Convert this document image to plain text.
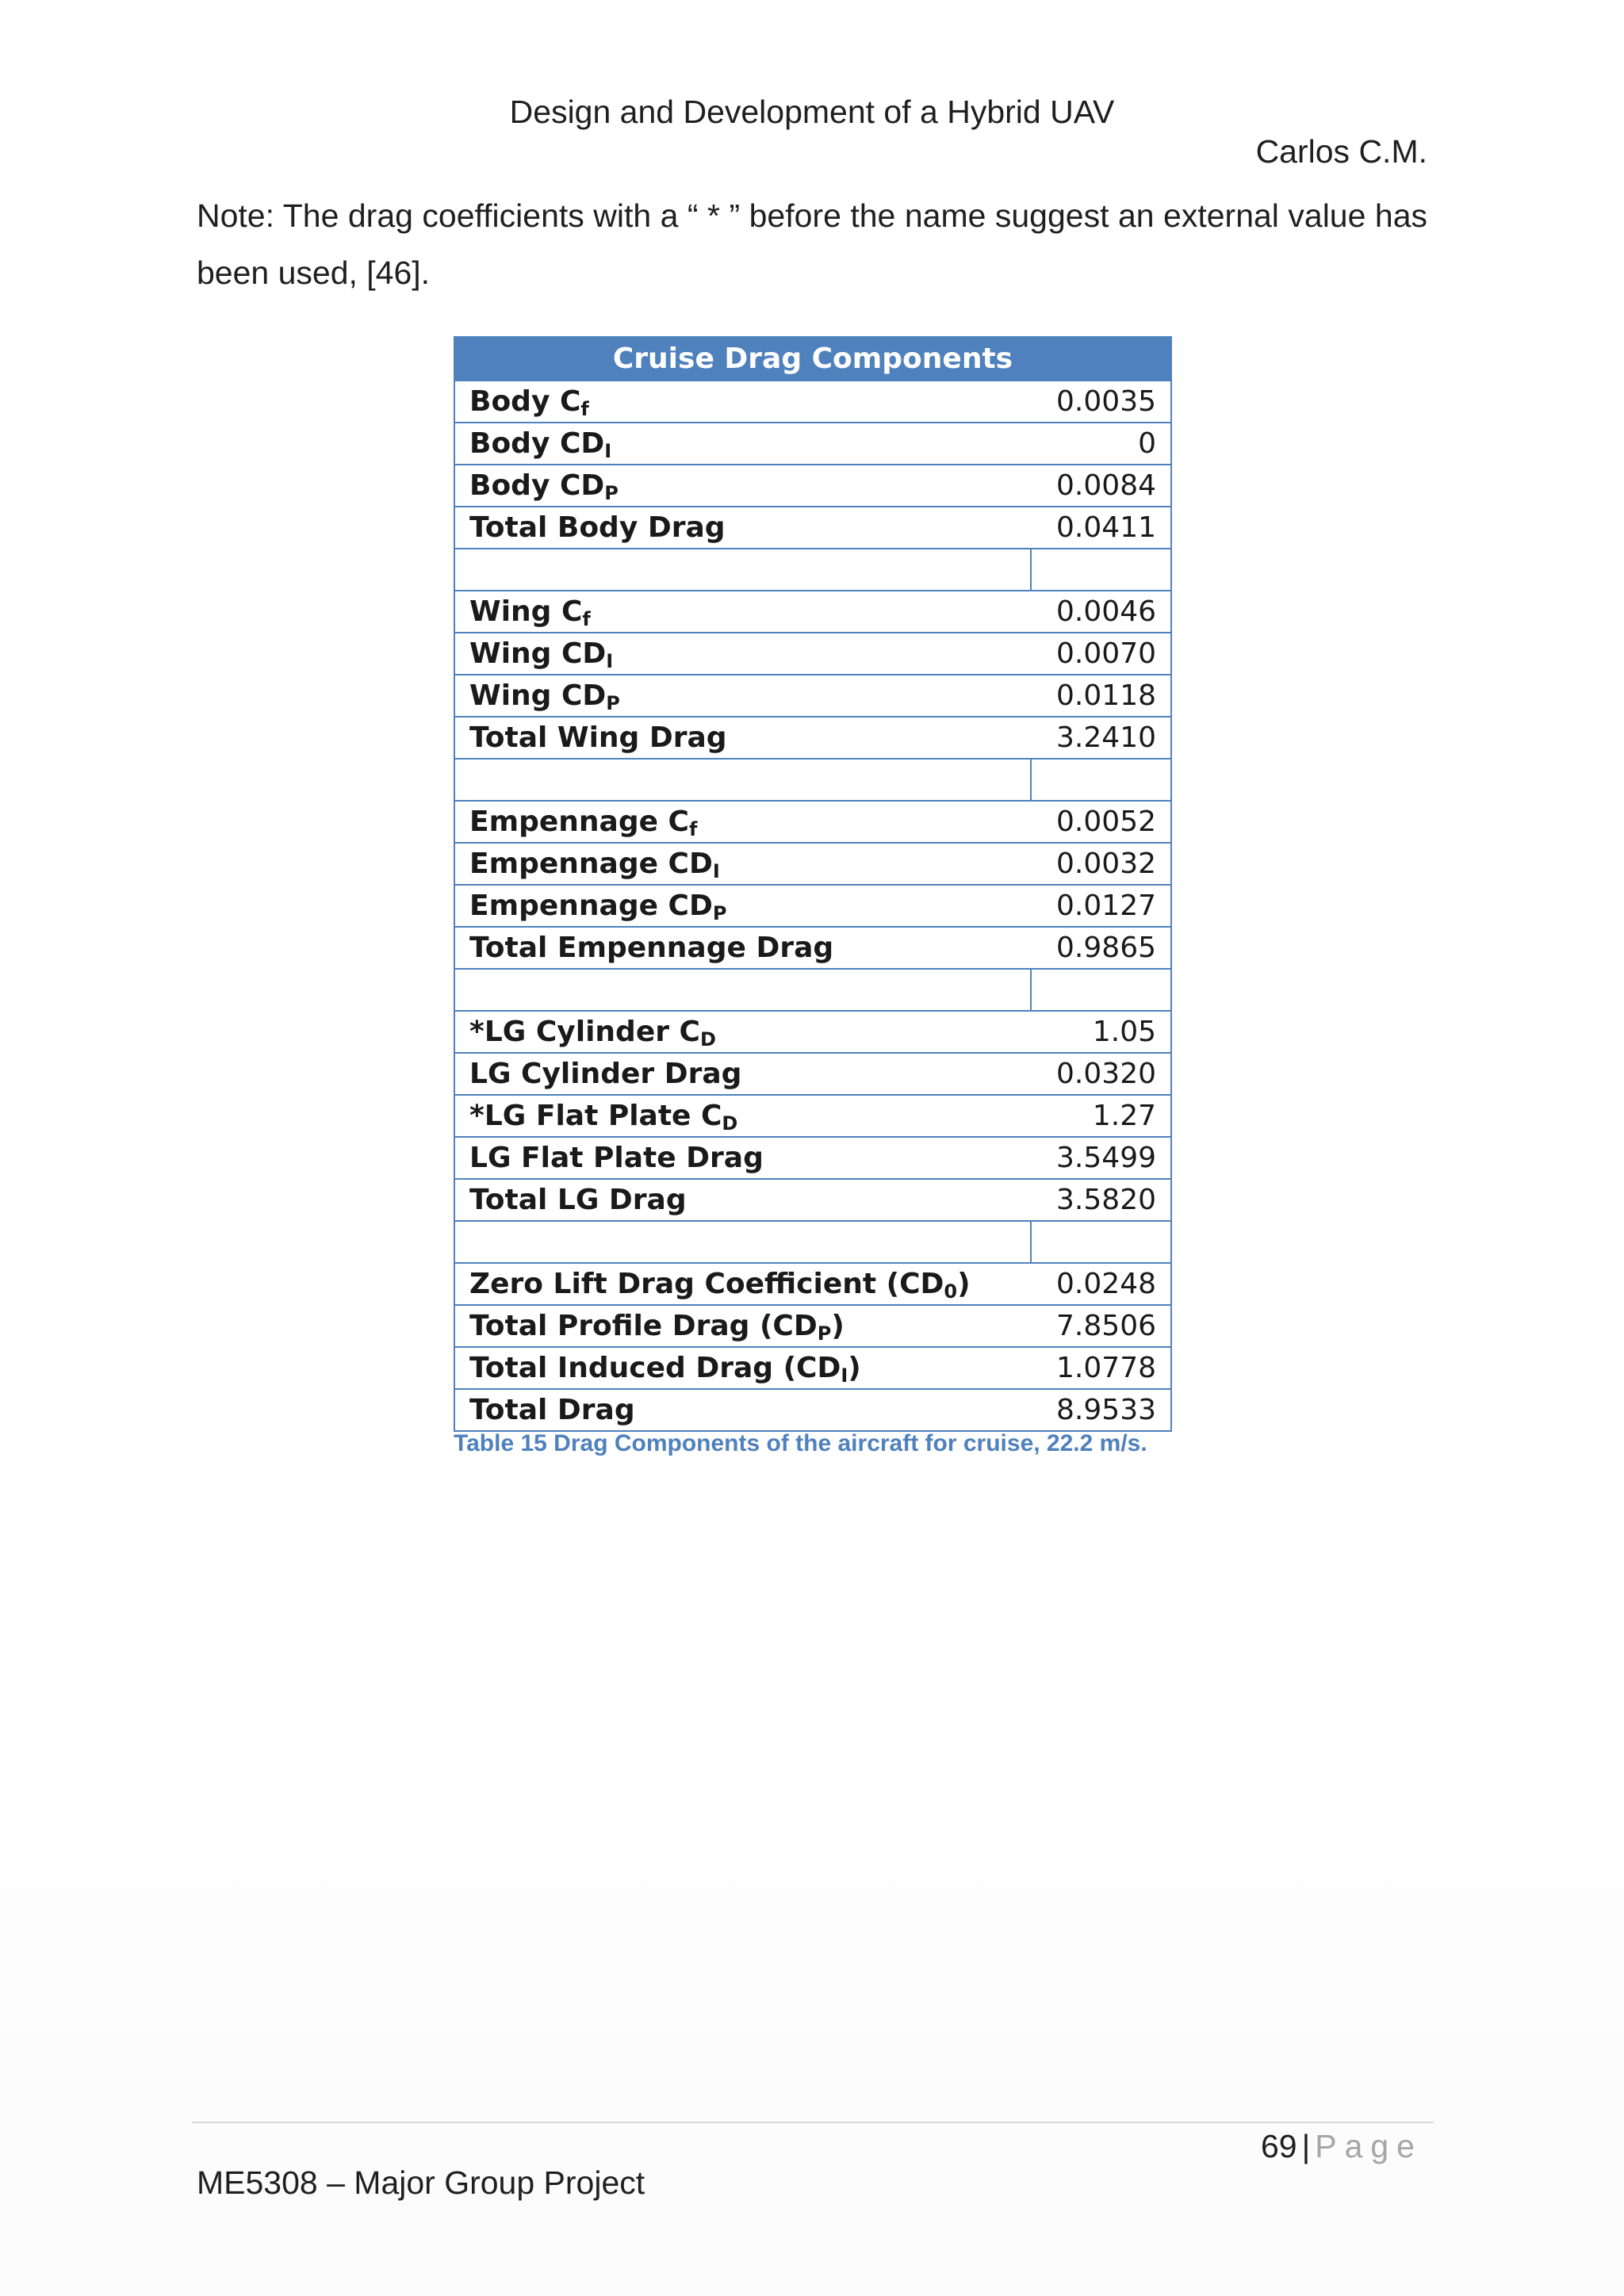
Design and Development of a Hybrid UAV
Carlos C.M.
Note: The drag coefficients with a “ * ” before the name suggest an external value has been used, [46].
Cruise Drag Components	
Body $C_f$	0.0035
Body $CD_I$	0
Body $CD_P$	0.0084
Total Body Drag	0.0411

Wing $C_f$	0.0046
Wing $CD_I$	0.0070
Wing $CD_P$	0.0118
Total Wing Drag	3.2410

Empennage $C_f$	0.0052
Empennage $CD_I$	0.0032
Empennage $CD_P$	0.0127
Total Empennage Drag	0.9865

*LG Cylinder $C_D$	1.05
LG Cylinder Drag	0.0320
*LG Flat Plate $C_D$	1.27
LG Flat Plate Drag	3.5499
Total LG Drag	3.5820

Zero Lift Drag Coefficient $(CD_0)$	0.0248
Total Profile Drag $(CD_P)$	7.8506
Total Induced Drag $(CD_I)$	1.0778
Total Drag	8.9533
Table 15 Drag Components of the aircraft for cruise, 22.2 m/s.
69 | Page
ME5308 – Major Group Project
